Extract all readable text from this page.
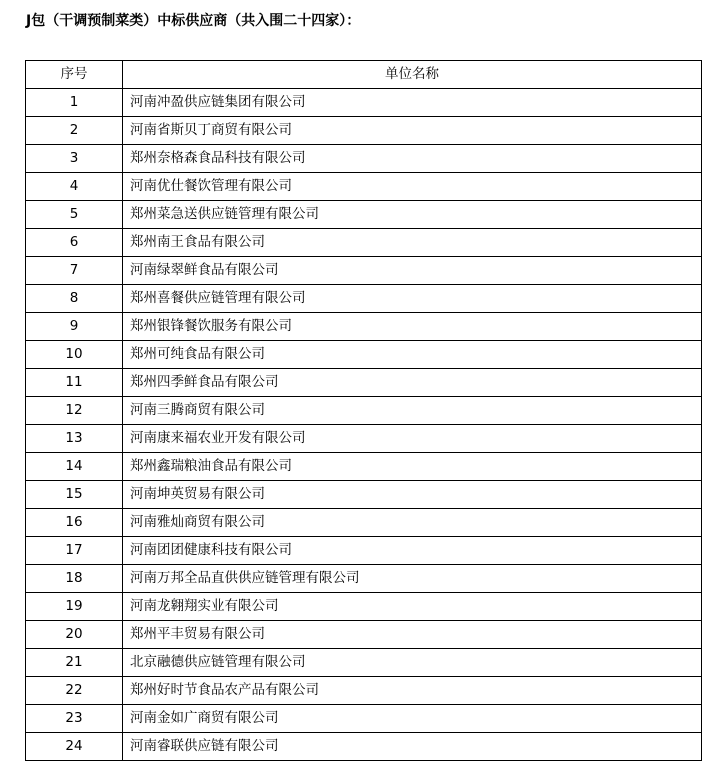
J包（干调预制菜类）中标供应商（共入围二十四家）：
序号	单位名称
1	河南冲盈供应链集团有限公司
2	河南省斯贝丁商贸有限公司
3	郑州奈格森食品科技有限公司
4	河南优仕餐饮管理有限公司
5	郑州菜急送供应链管理有限公司
6	郑州南王食品有限公司
7	河南绿翠鲜食品有限公司
8	郑州喜餐供应链管理有限公司
9	郑州银锋餐饮服务有限公司
10	郑州可纯食品有限公司
11	郑州四季鲜食品有限公司
12	河南三腾商贸有限公司
13	河南康来福农业开发有限公司
14	郑州鑫瑞粮油食品有限公司
15	河南坤英贸易有限公司
16	河南雅灿商贸有限公司
17	河南团团健康科技有限公司
18	河南万邦全品直供供应链管理有限公司
19	河南龙翱翔实业有限公司
20	郑州平丰贸易有限公司
21	北京融德供应链管理有限公司
22	郑州好时节食品农产品有限公司
23	河南金如广商贸有限公司
24	河南睿联供应链有限公司
